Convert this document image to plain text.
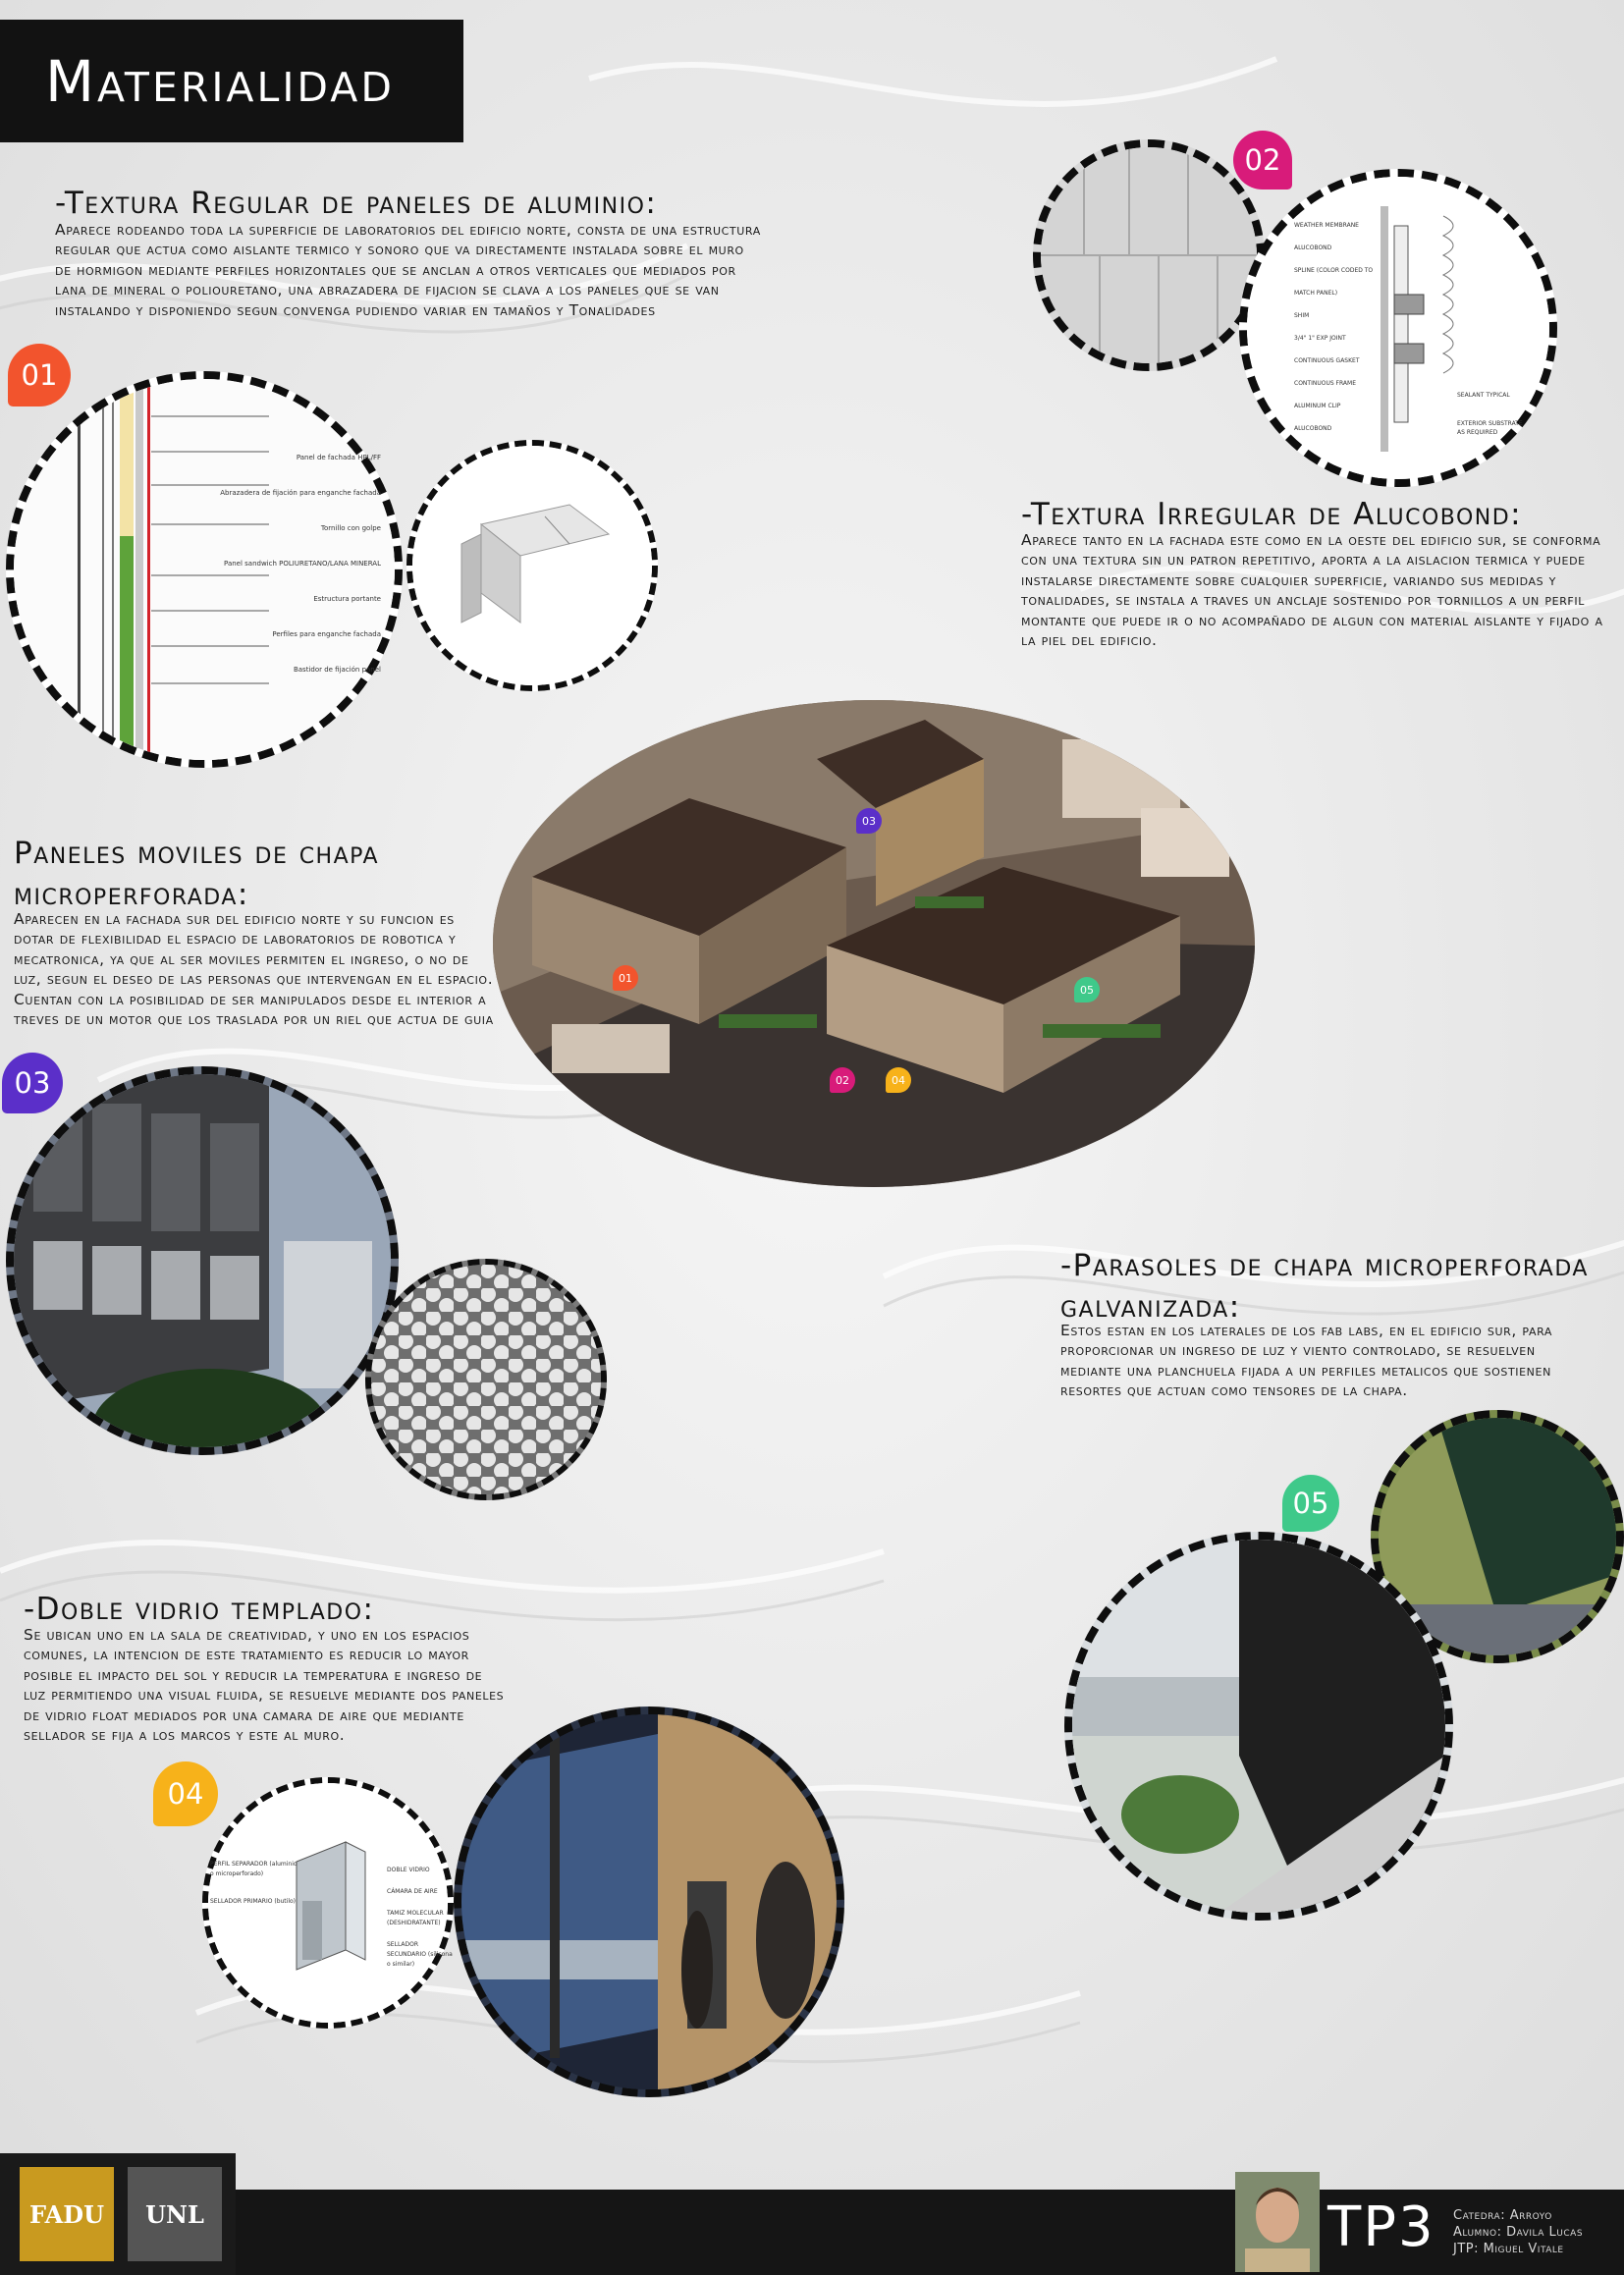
Materialidad
-Textura Regular de paneles de aluminio:
Aparece rodeando toda la superficie de laboratorios del edificio norte, consta de una estructura regular que actua como aislante termico y sonoro que va directamente instalada sobre el muro de hormigon mediante perfiles horizontales que se anclan a otros verticales que mediados por lana de mineral o poliouretano, una abrazadera de fijacion se clava a los paneles que se van instalando y disponiendo segun convenga pudiendo variar en tamaños y Tonalidades
01
Panel de fachada HPL/FF
Abrazadera de fijación para enganche fachada
Tornillo con golpe
Panel sandwich POLIURETANO/LANA MINERAL
Estructura portante
Perfiles para enganche fachada
Bastidor de fijación panel
02
WEATHER MEMBRANE
ALUCOBOND
SPLINE (COLOR CODED TO MATCH PANEL)
SHIM
3/4" 1" EXP JOINT
CONTINUOUS GASKET
CONTINUOUS FRAME
ALUMINUM CLIP
ALUCOBOND
SEALANT TYPICAL
EXTERIOR SUBSTRATE AS REQUIRED
-Textura Irregular de Alucobond:
Aparece tanto en la fachada este como en la oeste del edificio sur, se conforma con una textura sin un patron repetitivo, aporta a la aislacion termica y puede instalarse directamente sobre cualquier superficie, variando sus medidas y tonalidades, se instala a traves un anclaje sostenido por tornillos a un perfil montante que puede ir o no acompañado de algun con material aislante y fijado a la piel del edificio.
03
01
05
02	04
Paneles moviles de chapa microperforada:
Aparecen en la fachada sur del edificio norte y su funcion es dotar de flexibilidad el espacio de laboratorios de robotica y mecatronica, ya que al ser moviles permiten el ingreso, o no de luz, segun el deseo de las personas que intervengan en el espacio. Cuentan con la posibilidad de ser manipulados desde el interior a treves de un motor que los traslada por un riel que actua de guia
03
-Parasoles de chapa microperforada galvanizada:
Estos estan en los laterales de los fab labs, en el edificio sur, para proporcionar un ingreso de luz y viento controlado, se resuelven mediante una planchuela fijada a un perfiles metalicos que sostienen resortes que actuan como tensores de la chapa.
05
-Doble vidrio templado:
Se ubican uno en la sala de creatividad, y uno en los espacios comunes, la intencion de este tratamiento es reducir lo mayor posible el impacto del sol y reducir la temperatura e ingreso de luz permitiendo una visual fluida, se resuelve mediante dos paneles de vidrio float mediados por una camara de aire que mediante sellador se fija a los marcos y este al muro.
04
PERFIL SEPARADOR (aluminio o microperforado)
SELLADOR PRIMARIO (butilo)
DOBLE VIDRIO
CÁMARA DE AIRE
TAMIZ MOLECULAR (DESHIDRATANTE)
SELLADOR SECUNDARIO (silicona o similar)
FADU	UNL	TP3 Catedra: Arroyo
Alumno: Davila Lucas
JTP: Miguel Vitale
